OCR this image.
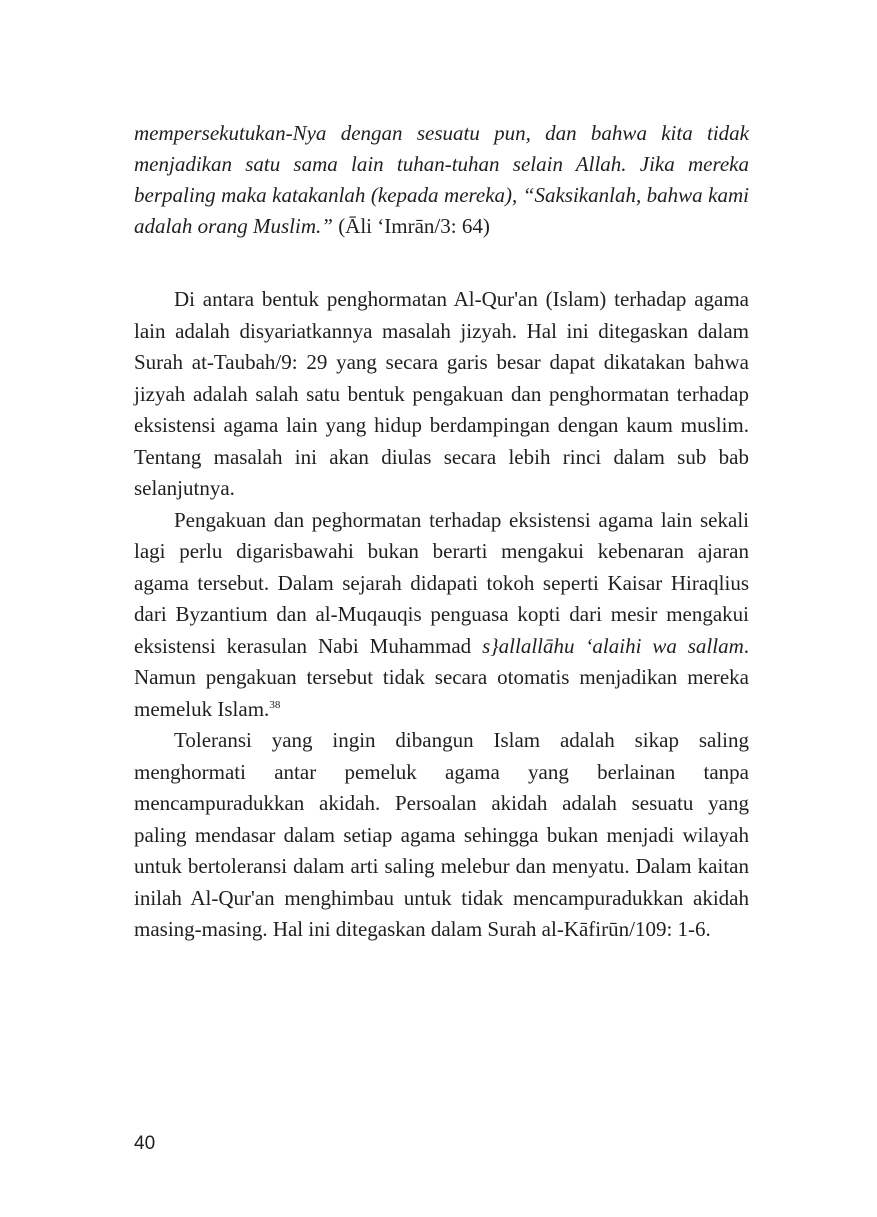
mempersekutukan-Nya dengan sesuatu pun, dan bahwa kita tidak menjadikan satu sama lain tuhan-tuhan selain Allah. Jika mereka berpaling maka katakanlah (kepada mereka), “Saksikanlah, bahwa kami adalah orang Muslim.” (Āli ‘Imrān/3: 64)

Di antara bentuk penghormatan Al-Qur'an (Islam) terhadap agama lain adalah disyariatkannya masalah jizyah. Hal ini ditegaskan dalam Surah at-Taubah/9: 29 yang secara garis besar dapat dikatakan bahwa jizyah adalah salah satu bentuk pengakuan dan penghormatan terhadap eksistensi agama lain yang hidup berdampingan dengan kaum muslim. Tentang masalah ini akan diulas secara lebih rinci dalam sub bab selanjutnya.

Pengakuan dan peghormatan terhadap eksistensi agama lain sekali lagi perlu digarisbawahi bukan berarti mengakui kebenaran ajaran agama tersebut. Dalam sejarah didapati tokoh seperti Kaisar Hiraqlius dari Byzantium dan al-Muqauqis penguasa kopti dari mesir mengakui eksistensi kerasulan Nabi Muhammad s}allallāhu ‘alaihi wa sallam. Namun pengakuan tersebut tidak secara otomatis menjadikan mereka memeluk Islam.$^{38}$

Toleransi yang ingin dibangun Islam adalah sikap saling menghormati antar pemeluk agama yang berlainan tanpa mencampuradukkan akidah. Persoalan akidah adalah sesuatu yang paling mendasar dalam setiap agama sehingga bukan menjadi wilayah untuk bertoleransi dalam arti saling melebur dan menyatu. Dalam kaitan inilah Al-Qur'an menghimbau untuk tidak mencampuradukkan akidah masing-masing. Hal ini ditegaskan dalam Surah al-Kāfirūn/109: 1-6.

40
